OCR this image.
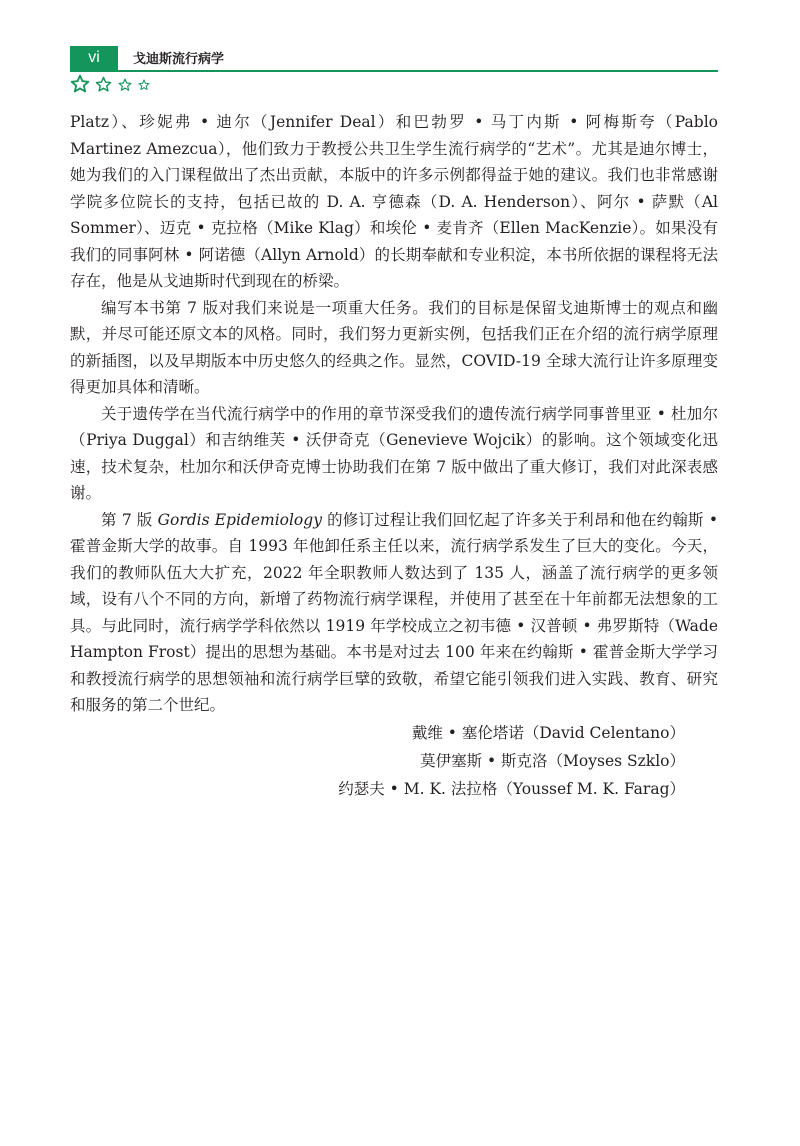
vi	戈迪斯流行病学

Platz）、珍妮弗 • 迪尔（Jennifer Deal）和巴勃罗 • 马丁内斯 • 阿梅斯夸（Pablo Martinez Amezcua），他们致力于教授公共卫生学生流行病学的“艺术”。尤其是迪尔博士，她为我们的入门课程做出了杰出贡献，本版中的许多示例都得益于她的建议。我们也非常感谢学院多位院长的支持，包括已故的 D. A. 亨德森（D. A. Henderson）、阿尔 • 萨默（Al Sommer）、迈克 • 克拉格（Mike Klag）和埃伦 • 麦肯齐（Ellen MacKenzie）。如果没有我们的同事阿林 • 阿诺德（Allyn Arnold）的长期奉献和专业积淀，本书所依据的课程将无法存在，他是从戈迪斯时代到现在的桥梁。

编写本书第 7 版对我们来说是一项重大任务。我们的目标是保留戈迪斯博士的观点和幽默，并尽可能还原文本的风格。同时，我们努力更新实例，包括我们正在介绍的流行病学原理的新插图，以及早期版本中历史悠久的经典之作。显然，COVID-19 全球大流行让许多原理变得更加具体和清晰。

关于遗传学在当代流行病学中的作用的章节深受我们的遗传流行病学同事普里亚 • 杜加尔（Priya Duggal）和吉纳维芙 • 沃伊奇克（Genevieve Wojcik）的影响。这个领域变化迅速，技术复杂，杜加尔和沃伊奇克博士协助我们在第 7 版中做出了重大修订，我们对此深表感谢。

第 7 版 Gordis Epidemiology 的修订过程让我们回忆起了许多关于利昂和他在约翰斯 • 霍普金斯大学的故事。自 1993 年他卸任系主任以来，流行病学系发生了巨大的变化。今天，我们的教师队伍大大扩充，2022 年全职教师人数达到了 135 人，涵盖了流行病学的更多领域，设有八个不同的方向，新增了药物流行病学课程，并使用了甚至在十年前都无法想象的工具。与此同时，流行病学学科依然以 1919 年学校成立之初韦德 • 汉普顿 • 弗罗斯特（Wade Hampton Frost）提出的思想为基础。本书是对过去 100 年来在约翰斯 • 霍普金斯大学学习和教授流行病学的思想领袖和流行病学巨擘的致敬，希望它能引领我们进入实践、教育、研究和服务的第二个世纪。

戴维 • 塞伦塔诺（David Celentano）
莫伊塞斯 • 斯克洛（Moyses Szklo）
约瑟夫 • M. K. 法拉格（Youssef M. K. Farag）
